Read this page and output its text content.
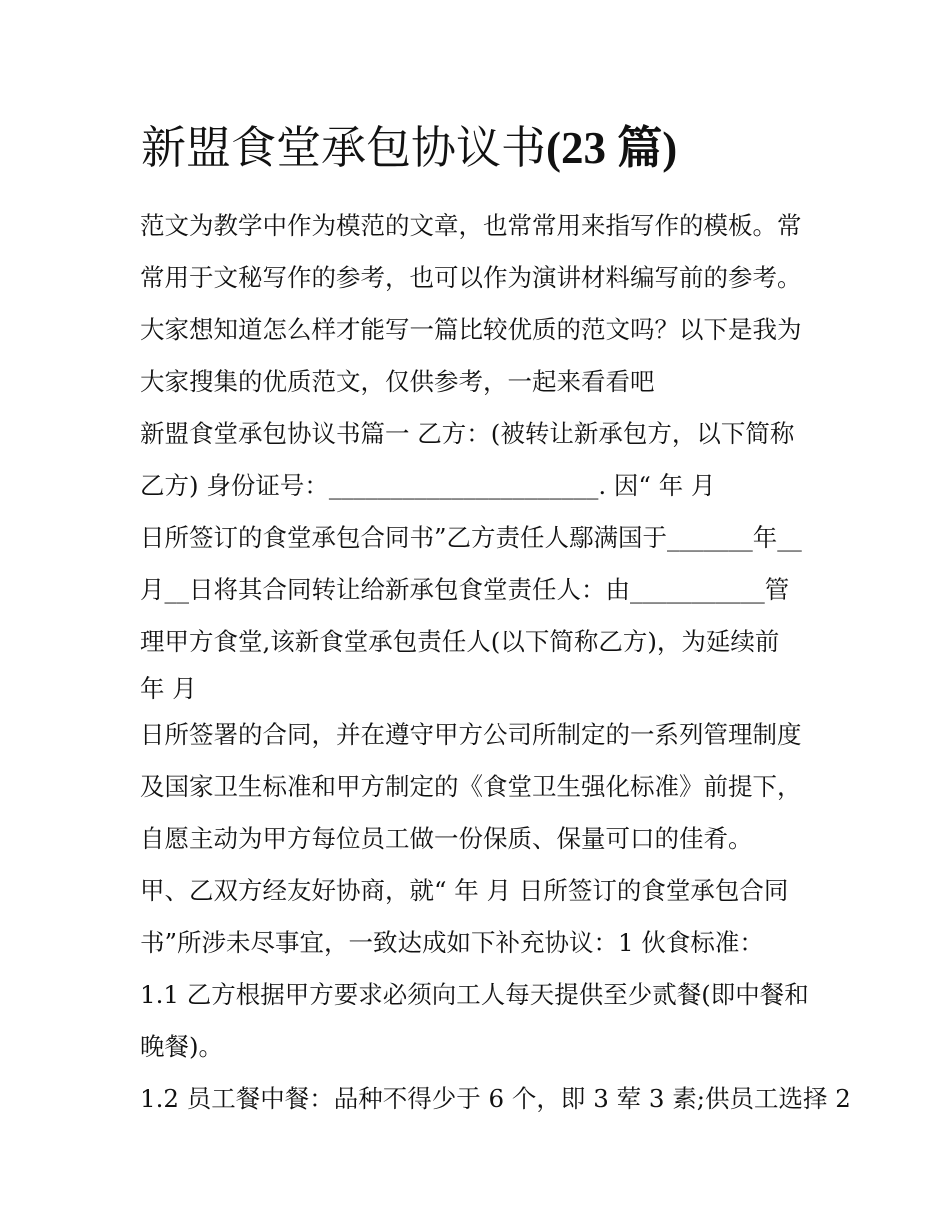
新盟食堂承包协议书(23 篇)
范文为教学中作为模范的文章，也常常用来指写作的模板。常
常用于文秘写作的参考，也可以作为演讲材料编写前的参考。
大家想知道怎么样才能写一篇比较优质的范文吗？以下是我为
大家搜集的优质范文，仅供参考，一起来看看吧
新盟食堂承包协议书篇一 乙方：(被转让新承包方，以下简称
乙方) 身份证号：______________________. 因“ 年 月
日所签订的食堂承包合同书”乙方责任人鄢满国于_______年__
月__日将其合同转让给新承包食堂责任人：由___________管
理甲方食堂,该新食堂承包责任人(以下简称乙方)，为延续前
年 月
日所签署的合同，并在遵守甲方公司所制定的一系列管理制度
及国家卫生标准和甲方制定的《食堂卫生强化标准》前提下，
自愿主动为甲方每位员工做一份保质、保量可口的佳肴。
甲、乙双方经友好协商，就“ 年 月 日所签订的食堂承包合同
书”所涉未尽事宜，一致达成如下补充协议：1 伙食标准：
1.1 乙方根据甲方要求必须向工人每天提供至少贰餐(即中餐和
晚餐)。
1.2 员工餐中餐：品种不得少于 6 个，即 3 荤 3 素;供员工选择 2
